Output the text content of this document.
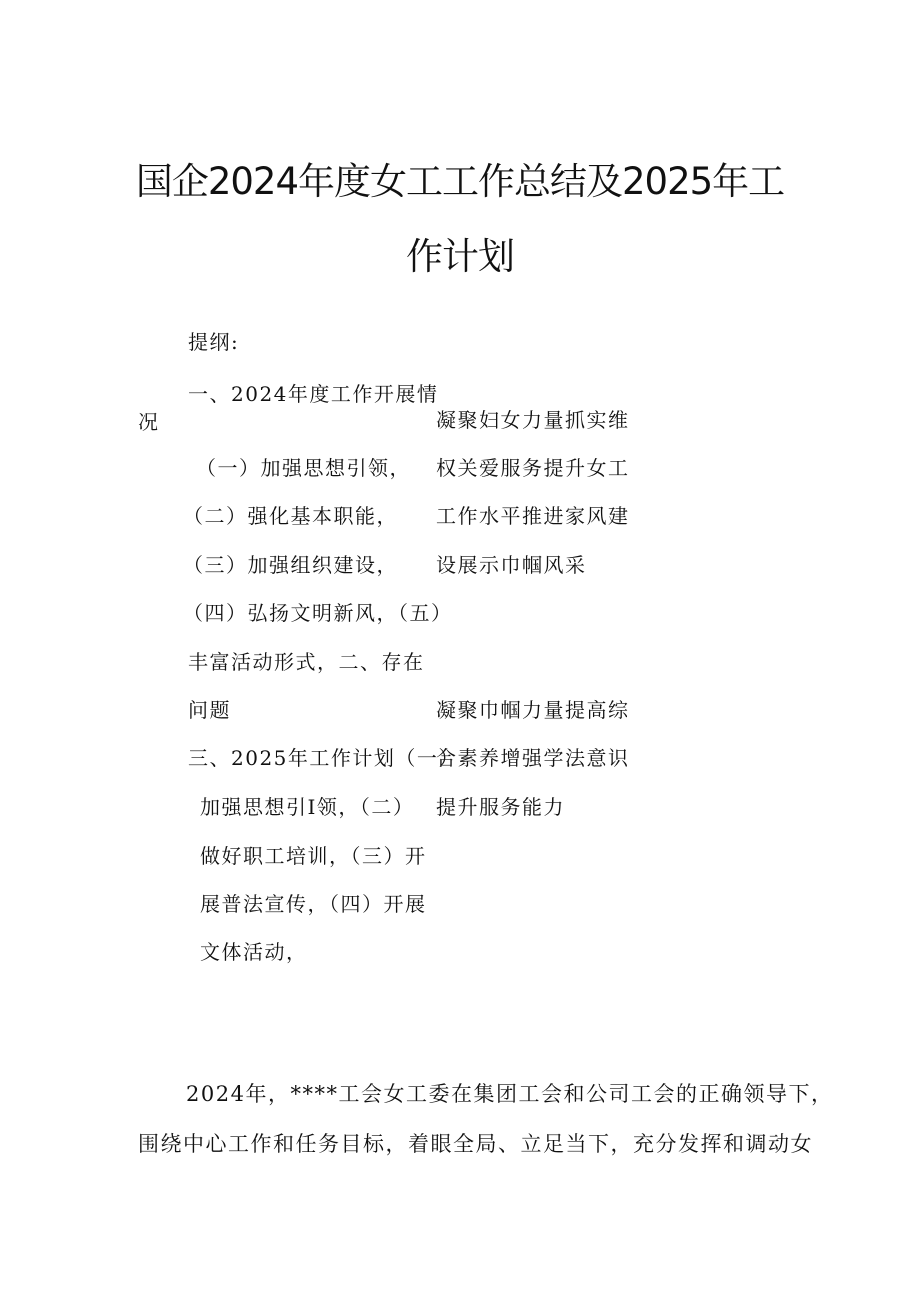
国企2024年度女工工作总结及2025年工
作计划
提纲:
一、2024年度工作开展情
况
（一）加强思想引领，
（二）强化基本职能，
（三）加强组织建设，
（四）弘扬文明新风，（五）
丰富活动形式，二、存在
问题
三、2025年工作计划（一）
加强思想引I领，（二）
做好职工培训，（三）开
展普法宣传，（四）开展
文体活动，
凝聚妇女力量抓实维
权关爱服务提升女工
工作水平推进家风建
设展示巾帼风采
凝聚巾帼力量提高综
合素养增强学法意识
提升服务能力
2024年，****工会女工委在集团工会和公司工会的正确领导下，
围绕中心工作和任务目标，着眼全局、立足当下，充分发挥和调动女
